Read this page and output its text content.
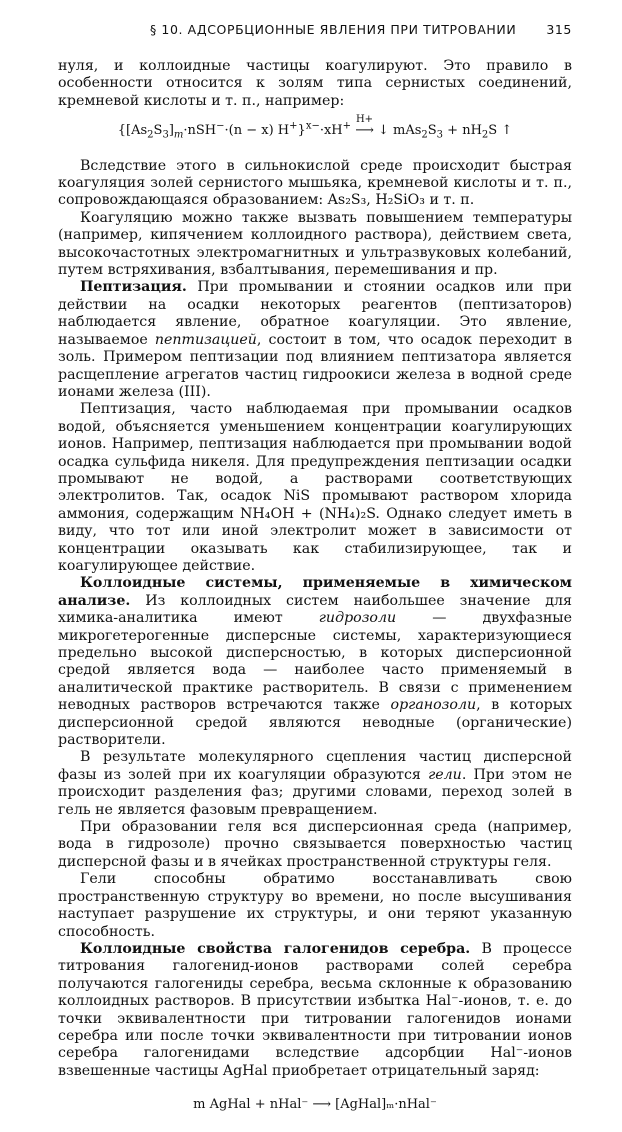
§ 10. АДСОРБЦИОННЫЕ ЯВЛЕНИЯ ПРИ ТИТРОВАНИИ 315

нуля, и коллоидные частицы коагулируют. Это правило в особенности относится к золям типа сернистых соединений, кремневой кислоты и т. п., например:

{$[As_2S_3]_m\cdot nSH^-\cdot(n - x)$ H+}$^{x-}$·xH+
H+
⟶ ↓ $mAs_2S_3 + nH_2S$ ↑

Вследствие этого в сильнокислой среде происходит быстрая коагуляция золей сернистого мышьяка, кремневой кислоты и т. п., сопровождающаяся образованием: As₂S₃, H₂SiO₃ и т. п.

Коагуляцию можно также вызвать повышением температуры (например, кипячением коллоидного раствора), действием света, высокочастотных электромагнитных и ультразвуковых колебаний, путем встряхивания, взбалтывания, перемешивания и пр.

Пептизация. При промывании и стоянии осадков или при действии на осадки некоторых реагентов (пептизаторов) наблюдается явление, обратное коагуляции. Это явление, называемое пептизацией, состоит в том, что осадок переходит в золь. Примером пептизации под влиянием пептизатора является расщепление агрегатов частиц гидроокиси железа в водной среде ионами железа (III).

Пептизация, часто наблюдаемая при промывании осадков водой, объясняется уменьшением концентрации коагулирующих ионов. Например, пептизация наблюдается при промывании водой осадка сульфида никеля. Для предупреждения пептизации осадки промывают не водой, а растворами соответствующих электролитов. Так, осадок NiS промывают раствором хлорида аммония, содержащим NH₄OH + (NH₄)₂S. Однако следует иметь в виду, что тот или иной электролит может в зависимости от концентрации оказывать как стабилизирующее, так и коагулирующее действие.

Коллоидные системы, применяемые в химическом анализе. Из коллоидных систем наибольшее значение для химика-аналитика имеют гидрозоли — двухфазные микрогетерогенные дисперсные системы, характеризующиеся предельно высокой дисперсностью, в которых дисперсионной средой является вода — наиболее часто применяемый в аналитической практике растворитель. В связи с применением неводных растворов встречаются также органозоли, в которых дисперсионной средой являются неводные (органические) растворители.

В результате молекулярного сцепления частиц дисперсной фазы из золей при их коагуляции образуются гели. При этом не происходит разделения фаз; другими словами, переход золей в гель не является фазовым превращением.

При образовании геля вся дисперсионная среда (например, вода в гидрозоле) прочно связывается поверхностью частиц дисперсной фазы и в ячейках пространственной структуры геля.

Гели способны обратимо восстанавливать свою пространственную структуру во времени, но после высушивания наступает разрушение их структуры, и они теряют указанную способность.

Коллоидные свойства галогенидов серебра. В процессе титрования галогенид-ионов растворами солей серебра получаются галогениды серебра, весьма склонные к образованию коллоидных растворов. В присутствии избытка Hal⁻-ионов, т. е. до точки эквивалентности при титровании галогенидов ионами серебра или после точки эквивалентности при титровании ионов серебра галогенидами вследствие адсорбции Hal⁻-ионов взвешенные частицы AgHal приобретает отрицательный заряд:

m AgHal + nHal⁻ ⟶ [AgHal]ₘ·nHal⁻
